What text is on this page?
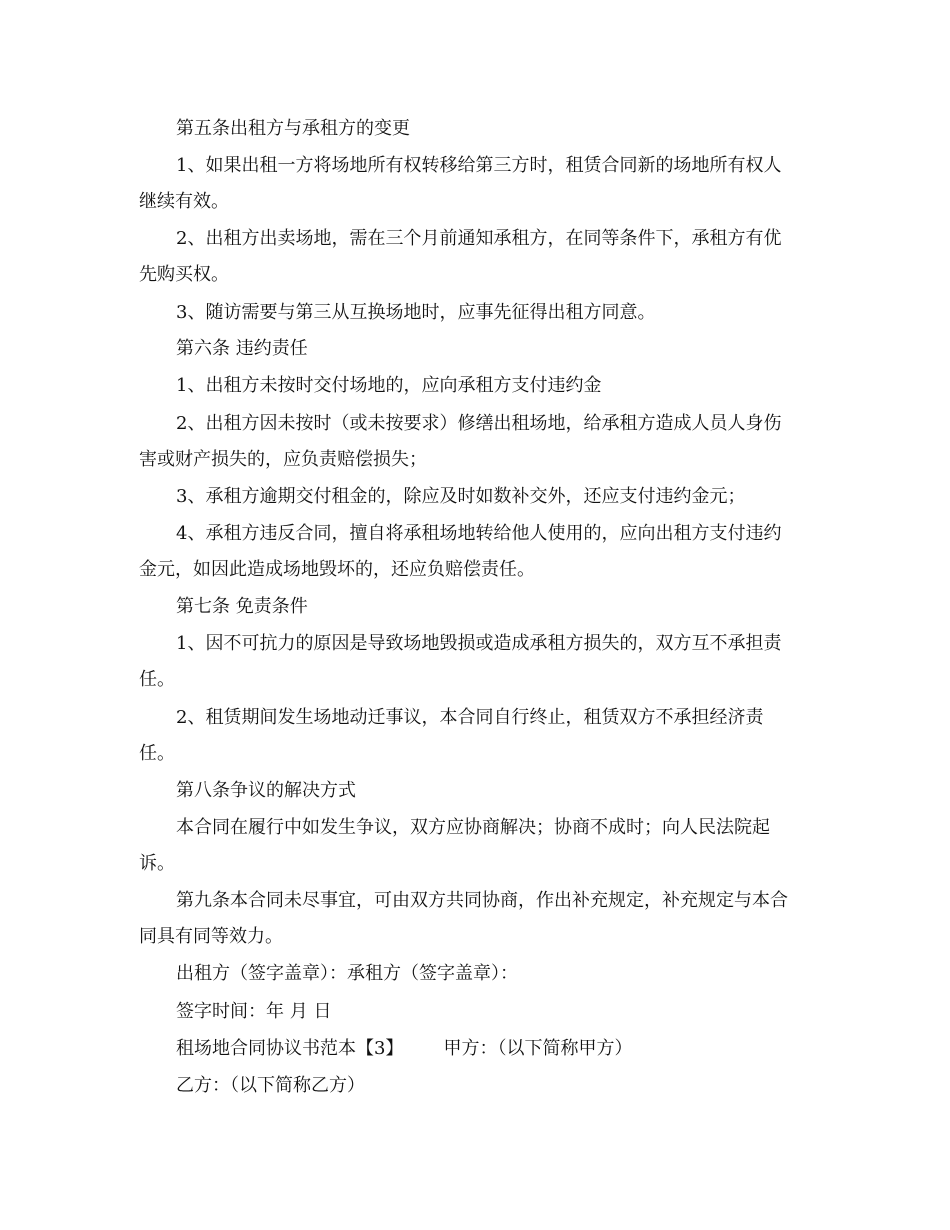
第五条出租方与承租方的变更
1、如果出租一方将场地所有权转移给第三方时，租赁合同新的场地所有权人
继续有效。
2、出租方出卖场地，需在三个月前通知承租方，在同等条件下，承租方有优
先购买权。
3、随访需要与第三从互换场地时，应事先征得出租方同意。
第六条 违约责任
1、出租方未按时交付场地的，应向承租方支付违约金
2、出租方因未按时（或未按要求）修缮出租场地，给承租方造成人员人身伤
害或财产损失的，应负责赔偿损失；
3、承租方逾期交付租金的，除应及时如数补交外，还应支付违约金元；
4、承租方违反合同，擅自将承租场地转给他人使用的，应向出租方支付违约
金元，如因此造成场地毁坏的，还应负赔偿责任。
第七条 免责条件
1、因不可抗力的原因是导致场地毁损或造成承租方损失的，双方互不承担责
任。
2、租赁期间发生场地动迁事议，本合同自行终止，租赁双方不承担经济责
任。
第八条争议的解决方式
本合同在履行中如发生争议，双方应协商解决；协商不成时；向人民法院起
诉。
第九条本合同未尽事宜，可由双方共同协商，作出补充规定，补充规定与本合
同具有同等效力。
出租方（签字盖章）：承租方（签字盖章）：
签字时间：年 月 日
租场地合同协议书范本【3】 甲方：（以下简称甲方）
乙方：（以下简称乙方）
